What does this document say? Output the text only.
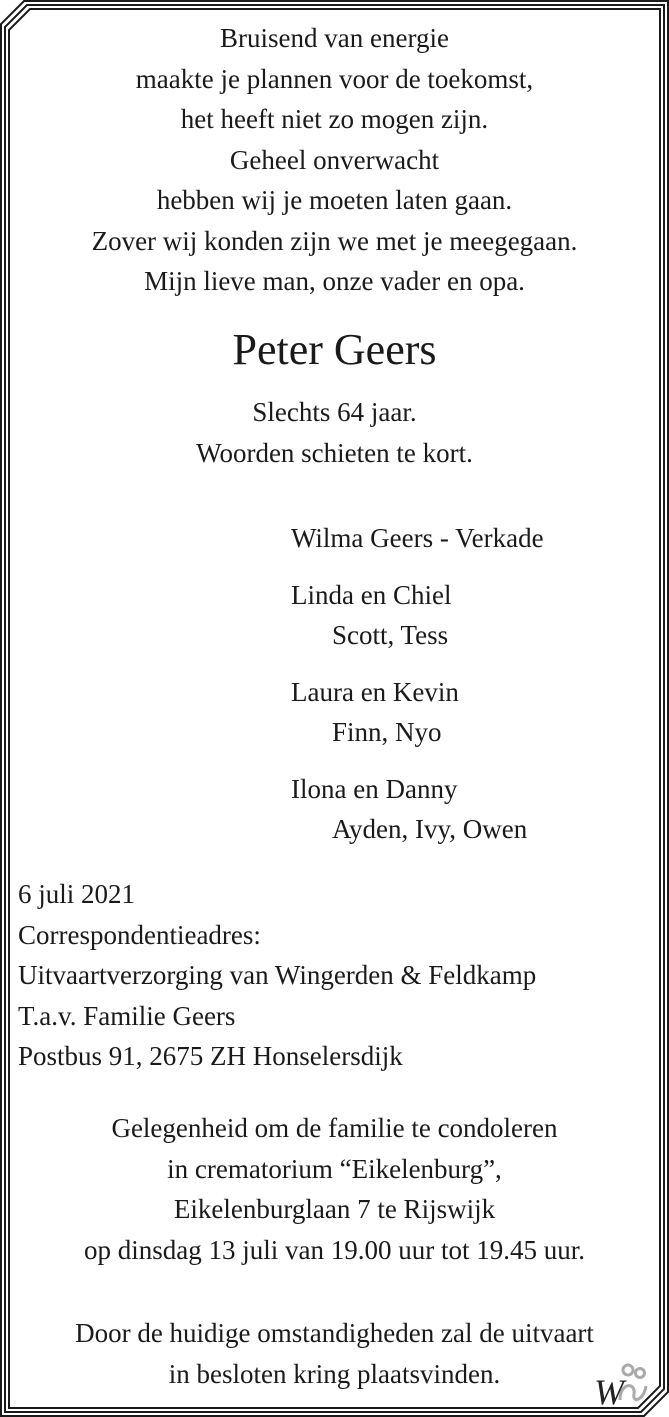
Bruisend van energie
maakte je plannen voor de toekomst,
het heeft niet zo mogen zijn.
Geheel onverwacht
hebben wij je moeten laten gaan.
Zover wij konden zijn we met je meegegaan.
Mijn lieve man, onze vader en opa.
Peter Geers
Slechts 64 jaar.
Woorden schieten te kort.
Wilma Geers - Verkade
Linda en Chiel
Scott, Tess
Laura en Kevin
Finn, Nyo
Ilona en Danny
Ayden, Ivy, Owen
6 juli 2021
Correspondentieadres:
Uitvaartverzorging van Wingerden & Feldkamp
T.a.v. Familie Geers
Postbus 91, 2675 ZH Honselersdijk
Gelegenheid om de familie te condoleren
in crematorium “Eikelenburg”,
Eikelenburglaan 7 te Rijswijk
op dinsdag 13 juli van 19.00 uur tot 19.45 uur.
Door de huidige omstandigheden zal de uitvaart
in besloten kring plaatsvinden.	W
